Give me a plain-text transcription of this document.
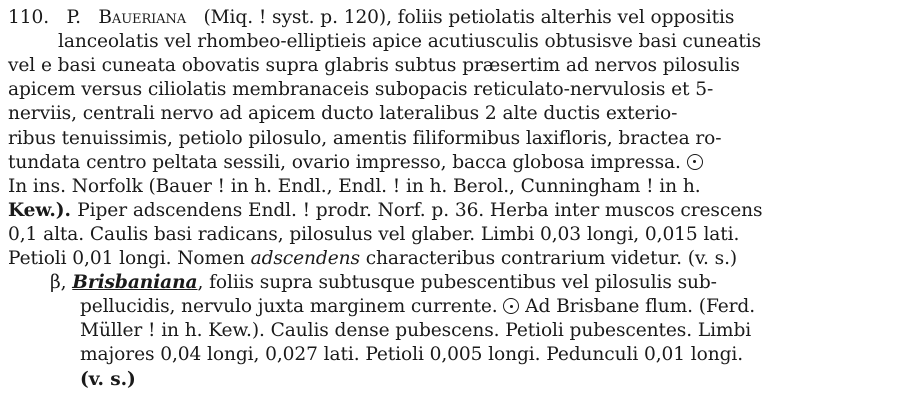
110. P. Baueriana (Miq. ! syst. p. 120), foliis petiolatis alterhis vel oppositis
lanceolatis vel rhombeo-elliptieis apice acutiusculis obtusisve basi cuneatis
vel e basi cuneata obovatis supra glabris subtus præsertim ad nervos pilosulis
apicem versus ciliolatis membranaceis subopacis reticulato-nervulosis et 5-
nerviis, centrali nervo ad apicem ducto lateralibus 2 alte ductis exterio-
ribus tenuissimis, petiolo pilosulo, amentis filiformibus laxifloris, bractea ro-
tundata centro peltata sessili, ovario impresso, bacca globosa impressa.
In ins. Norfolk (Bauer ! in h. Endl., Endl. ! in h. Berol., Cunningham ! in h.
Kew.). Piper adscendens Endl. ! prodr. Norf. p. 36. Herba inter muscos crescens
0,1 alta. Caulis basi radicans, pilosulus vel glaber. Limbi 0,03 longi, 0,015 lati.
Petioli 0,01 longi. Nomen adscendens characteribus contrarium videtur. (v. s.)
β, Brisbaniana, foliis supra subtusque pubescentibus vel pilosulis sub-
pellucidis, nervulo juxta marginem currente.  Ad Brisbane flum. (Ferd.
Müller ! in h. Kew.). Caulis dense pubescens. Petioli pubescentes. Limbi
majores 0,04 longi, 0,027 lati. Petioli 0,005 longi. Pedunculi 0,01 longi.
(v. s.)
